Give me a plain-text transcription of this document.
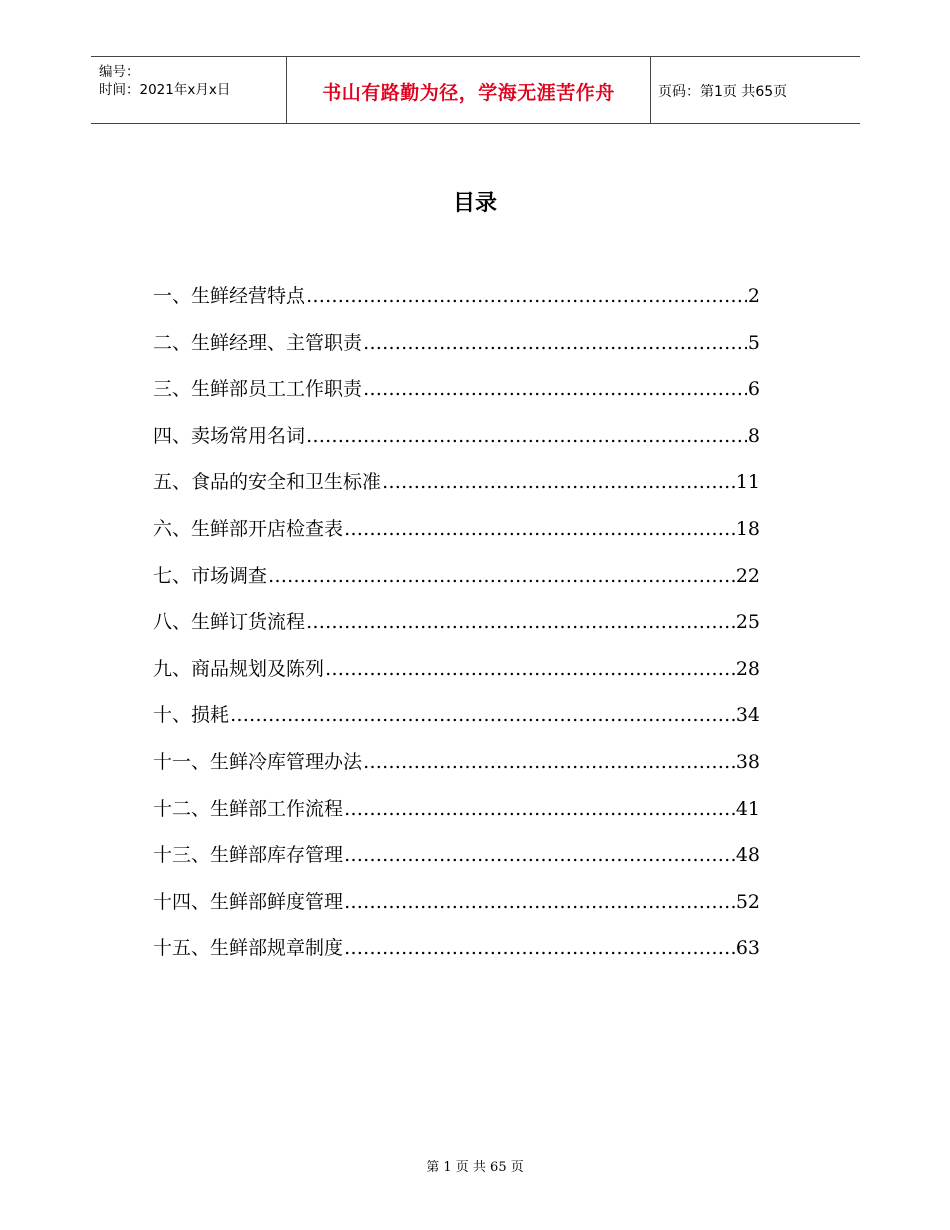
编号：
时间：2021年x月x日	书山有路勤为径，学海无涯苦作舟	页码：第1页 共65页
目录
一、生鲜经营特点 …………………………………………………………………………………………………………………………………………………………………	2
二、生鲜经理、主管职责 …………………………………………………………………………………………………………………………………………………………………	5
三、生鲜部员工工作职责 …………………………………………………………………………………………………………………………………………………………………	6
四、卖场常用名词 …………………………………………………………………………………………………………………………………………………………………	8
五、食品的安全和卫生标准 …………………………………………………………………………………………………………………………………………………………………	11
六、生鲜部开店检查表 …………………………………………………………………………………………………………………………………………………………………	18
七、市场调查 …………………………………………………………………………………………………………………………………………………………………	22
八、生鲜订货流程 …………………………………………………………………………………………………………………………………………………………………	25
九、商品规划及陈列 …………………………………………………………………………………………………………………………………………………………………	28
十、损耗 …………………………………………………………………………………………………………………………………………………………………	34
十一、生鲜冷库管理办法 …………………………………………………………………………………………………………………………………………………………………	38
十二、生鲜部工作流程 …………………………………………………………………………………………………………………………………………………………………	41
十三、生鲜部库存管理 …………………………………………………………………………………………………………………………………………………………………	48
十四、生鲜部鲜度管理 …………………………………………………………………………………………………………………………………………………………………	52
十五、生鲜部规章制度 …………………………………………………………………………………………………………………………………………………………………	63
第 1 页 共 65 页
